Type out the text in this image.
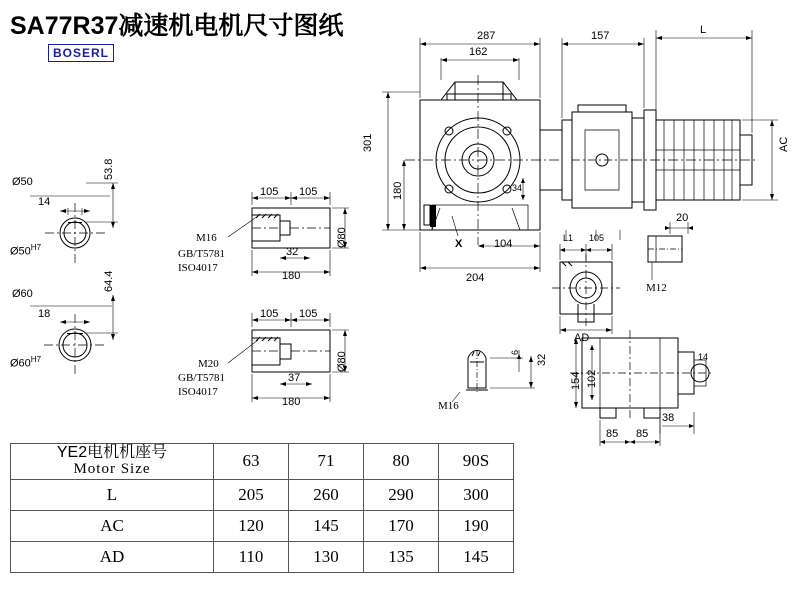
SA77R37减速机电机尺寸图纸
BOSERL
287
162
157	L
301
180	34
104
204
X
AC
Ø50
14
53.8
$Ø50^{H7}$
Ø60
18
64.4
$Ø60^{H7}$
105 105
32
180
Ø80
M16
GB/T5781
ISO4017
105 105
37
180
Ø80
M20
GB/T5781
ISO4017
M16
6
32
L1 105
20
AD
M12
154 102
38
85 85
14
YE2电机机座号
Motor Size	63	71	80	90S

L	205	260	290	300
AC	120	145	170	190
AD	110	130	135	145
